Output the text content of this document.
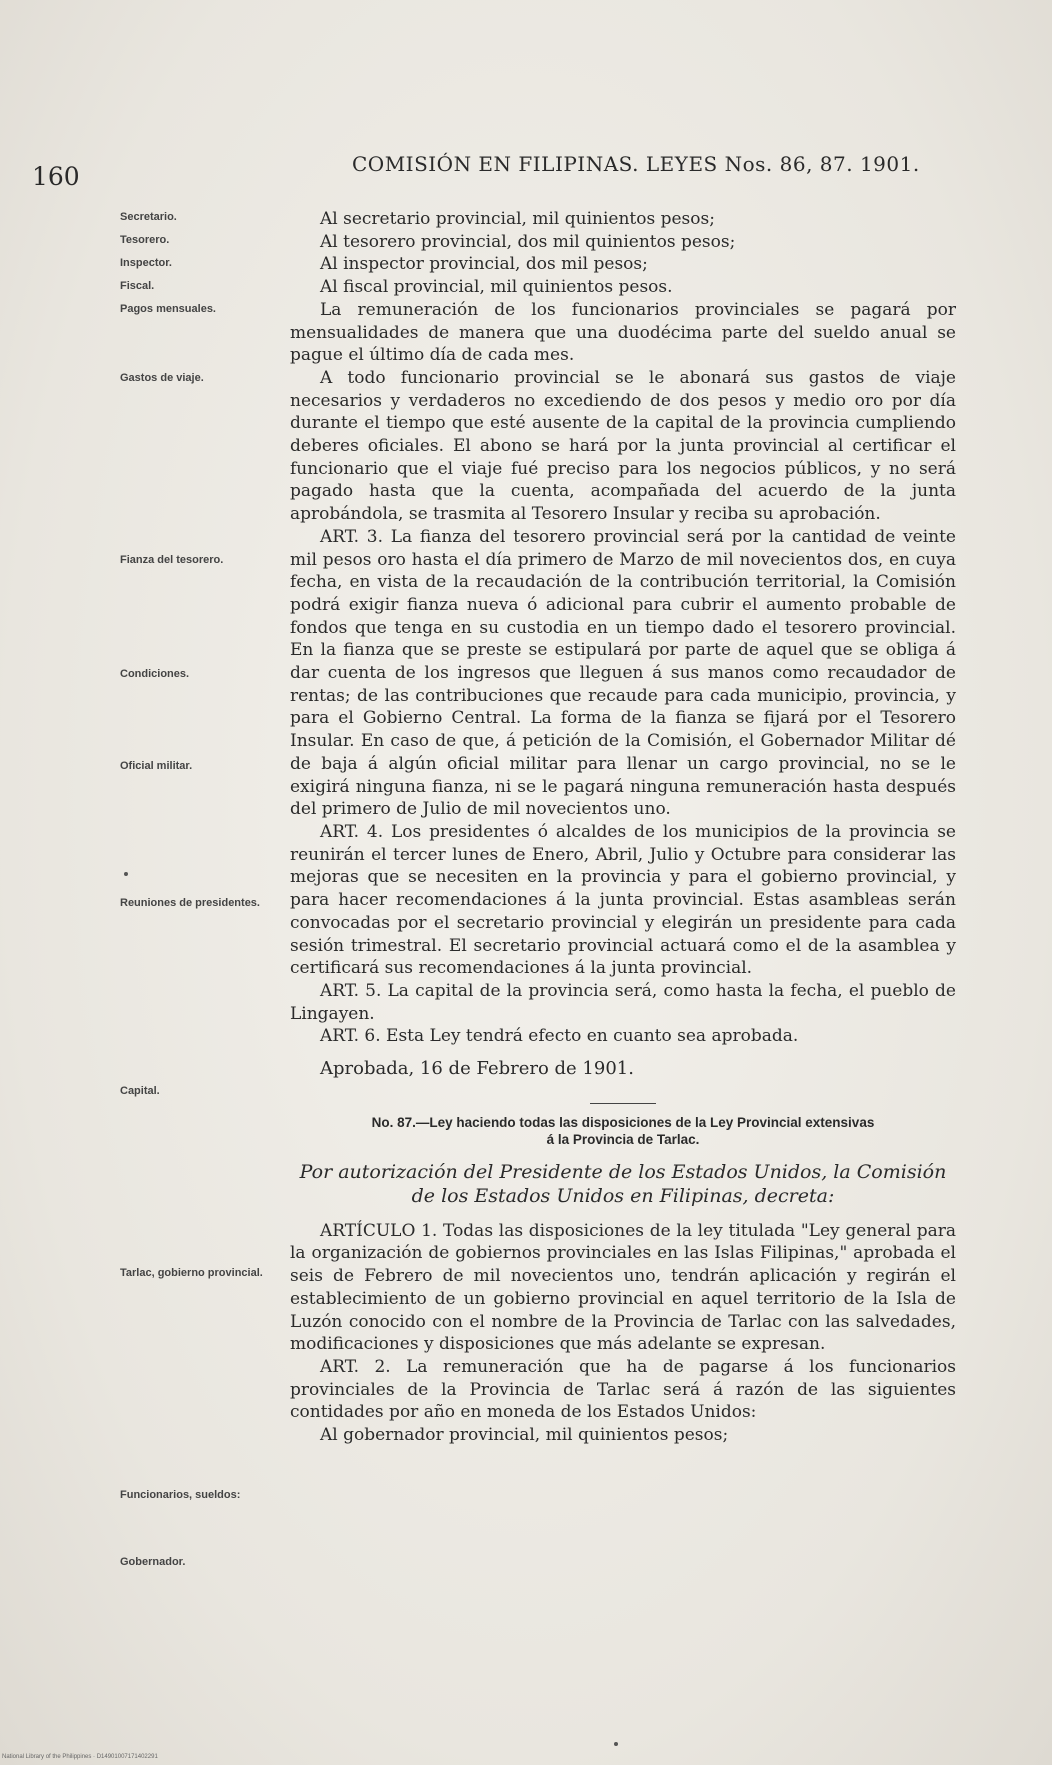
160	COMISIÓN EN FILIPINAS. LEYES Nos. 86, 87. 1901.
Secretario.
Tesorero.
Inspector.
Fiscal.
Pagos mensuales.
Gastos de viaje.
Fianza del tesorero.
Condiciones.
Oficial militar.
Reuniones de presidentes.
Capital.
Tarlac, gobierno provincial.
Funcionarios, sueldos:
Gobernador.

Al secretario provincial, mil quinientos pesos;

Al tesorero provincial, dos mil quinientos pesos;

Al inspector provincial, dos mil pesos;

Al fiscal provincial, mil quinientos pesos.

La remuneración de los funcionarios provinciales se pagará por mensualidades de manera que una duodécima parte del sueldo anual se pague el último día de cada mes.

A todo funcionario provincial se le abonará sus gastos de viaje necesarios y verdaderos no excediendo de dos pesos y medio oro por día durante el tiempo que esté ausente de la capital de la provincia cumpliendo deberes oficiales. El abono se hará por la junta provincial al certificar el funcionario que el viaje fué preciso para los negocios públicos, y no será pagado hasta que la cuenta, acompañada del acuerdo de la junta aprobándola, se trasmita al Tesorero Insular y reciba su aprobación.

ART. 3. La fianza del tesorero provincial será por la cantidad de veinte mil pesos oro hasta el día primero de Marzo de mil novecientos dos, en cuya fecha, en vista de la recaudación de la contribución territorial, la Comisión podrá exigir fianza nueva ó adicional para cubrir el aumento probable de fondos que tenga en su custodia en un tiempo dado el tesorero provincial. En la fianza que se preste se estipulará por parte de aquel que se obliga á dar cuenta de los ingresos que lleguen á sus manos como recaudador de rentas; de las contribuciones que recaude para cada municipio, provincia, y para el Gobierno Central. La forma de la fianza se fijará por el Tesorero Insular. En caso de que, á petición de la Comisión, el Gobernador Militar dé de baja á algún oficial militar para llenar un cargo provincial, no se le exigirá ninguna fianza, ni se le pagará ninguna remuneración hasta después del primero de Julio de mil novecientos uno.

ART. 4. Los presidentes ó alcaldes de los municipios de la provincia se reunirán el tercer lunes de Enero, Abril, Julio y Octubre para considerar las mejoras que se necesiten en la provincia y para el gobierno provincial, y para hacer recomendaciones á la junta provincial. Estas asambleas serán convocadas por el secretario provincial y elegirán un presidente para cada sesión trimestral. El secretario provincial actuará como el de la asamblea y certificará sus recomendaciones á la junta provincial.

ART. 5. La capital de la provincia será, como hasta la fecha, el pueblo de Lingayen.

ART. 6. Esta Ley tendrá efecto en cuanto sea aprobada.

Aprobada, 16 de Febrero de 1901.

No. 87.—Ley haciendo todas las disposiciones de la Ley Provincial extensivas
á la Provincia de Tarlac.

Por autorización del Presidente de los Estados Unidos, la Comisión
de los Estados Unidos en Filipinas, decreta:

ARTÍCULO 1. Todas las disposiciones de la ley titulada "Ley general para la organización de gobiernos provinciales en las Islas Filipinas," aprobada el seis de Febrero de mil novecientos uno, tendrán aplicación y regirán el establecimiento de un gobierno provincial en aquel territorio de la Isla de Luzón conocido con el nombre de la Provincia de Tarlac con las salvedades, modificaciones y disposiciones que más adelante se expresan.

ART. 2. La remuneración que ha de pagarse á los funcionarios provinciales de la Provincia de Tarlac será á razón de las siguientes contidades por año en moneda de los Estados Unidos:

Al gobernador provincial, mil quinientos pesos;

National Library of the Philippines · D14901007171402291
